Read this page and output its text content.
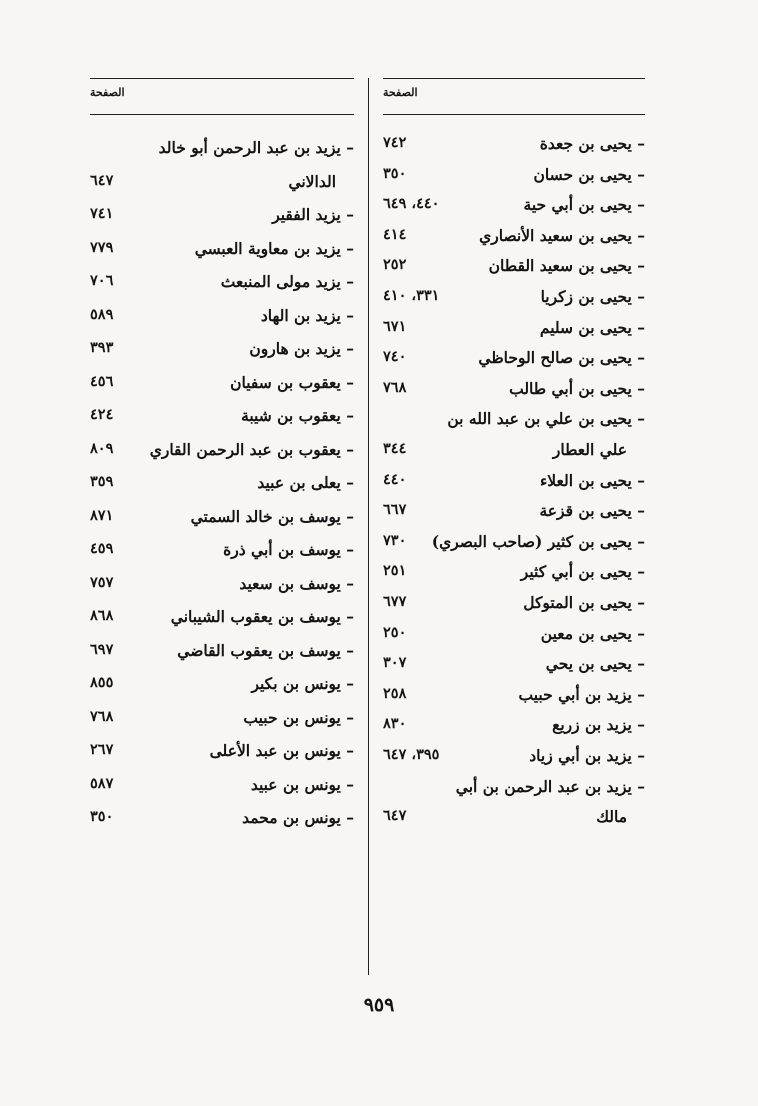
الصفحة
– يزيد بن عبد الرحمن أبو خالد
الدالاني
٦٤٧
– يزيد الفقير
٧٤١
– يزيد بن معاوية العبسي
٧٧٩
– يزيد مولى المنبعث
٧٠٦
– يزيد بن الهاد
٥٨٩
– يزيد بن هارون
٣٩٣
– يعقوب بن سفيان
٤٥٦
– يعقوب بن شيبة
٤٢٤
– يعقوب بن عبد الرحمن القاري
٨٠٩
– يعلى بن عبيد
٣٥٩
– يوسف بن خالد السمتي
٨٧١
– يوسف بن أبي ذرة
٤٥٩
– يوسف بن سعيد
٧٥٧
– يوسف بن يعقوب الشيباني
٨٦٨
– يوسف بن يعقوب القاضي
٦٩٧
– يونس بن بكير
٨٥٥
– يونس بن حبيب
٧٦٨
– يونس بن عبد الأعلى
٢٦٧
– يونس بن عبيد
٥٨٧
– يونس بن محمد
٣٥٠
الصفحة
– يحيى بن جعدة
٧٤٢
– يحيى بن حسان
٣٥٠
– يحيى بن أبي حية
٤٤٠، ٦٤٩
– يحيى بن سعيد الأنصاري
٤١٤
– يحيى بن سعيد القطان
٢٥٢
– يحيى بن زكريا
٣٣١، ٤١٠
– يحيى بن سليم
٦٧١
– يحيى بن صالح الوحاظي
٧٤٠
– يحيى بن أبي طالب
٧٦٨
– يحيى بن علي بن عبد الله بن
علي العطار
٣٤٤
– يحيى بن العلاء
٤٤٠
– يحيى بن قزعة
٦٦٧
– يحيى بن كثير (صاحب البصري)
٧٣٠
– يحيى بن أبي كثير
٢٥١
– يحيى بن المتوكل
٦٧٧
– يحيى بن معين
٢٥٠
– يحيى بن يحي
٣٠٧
– يزيد بن أبي حبيب
٢٥٨
– يزيد بن زريع
٨٣٠
– يزيد بن أبي زياد
٣٩٥، ٦٤٧
– يزيد بن عبد الرحمن بن أبي
مالك
٦٤٧
٩٥٩
